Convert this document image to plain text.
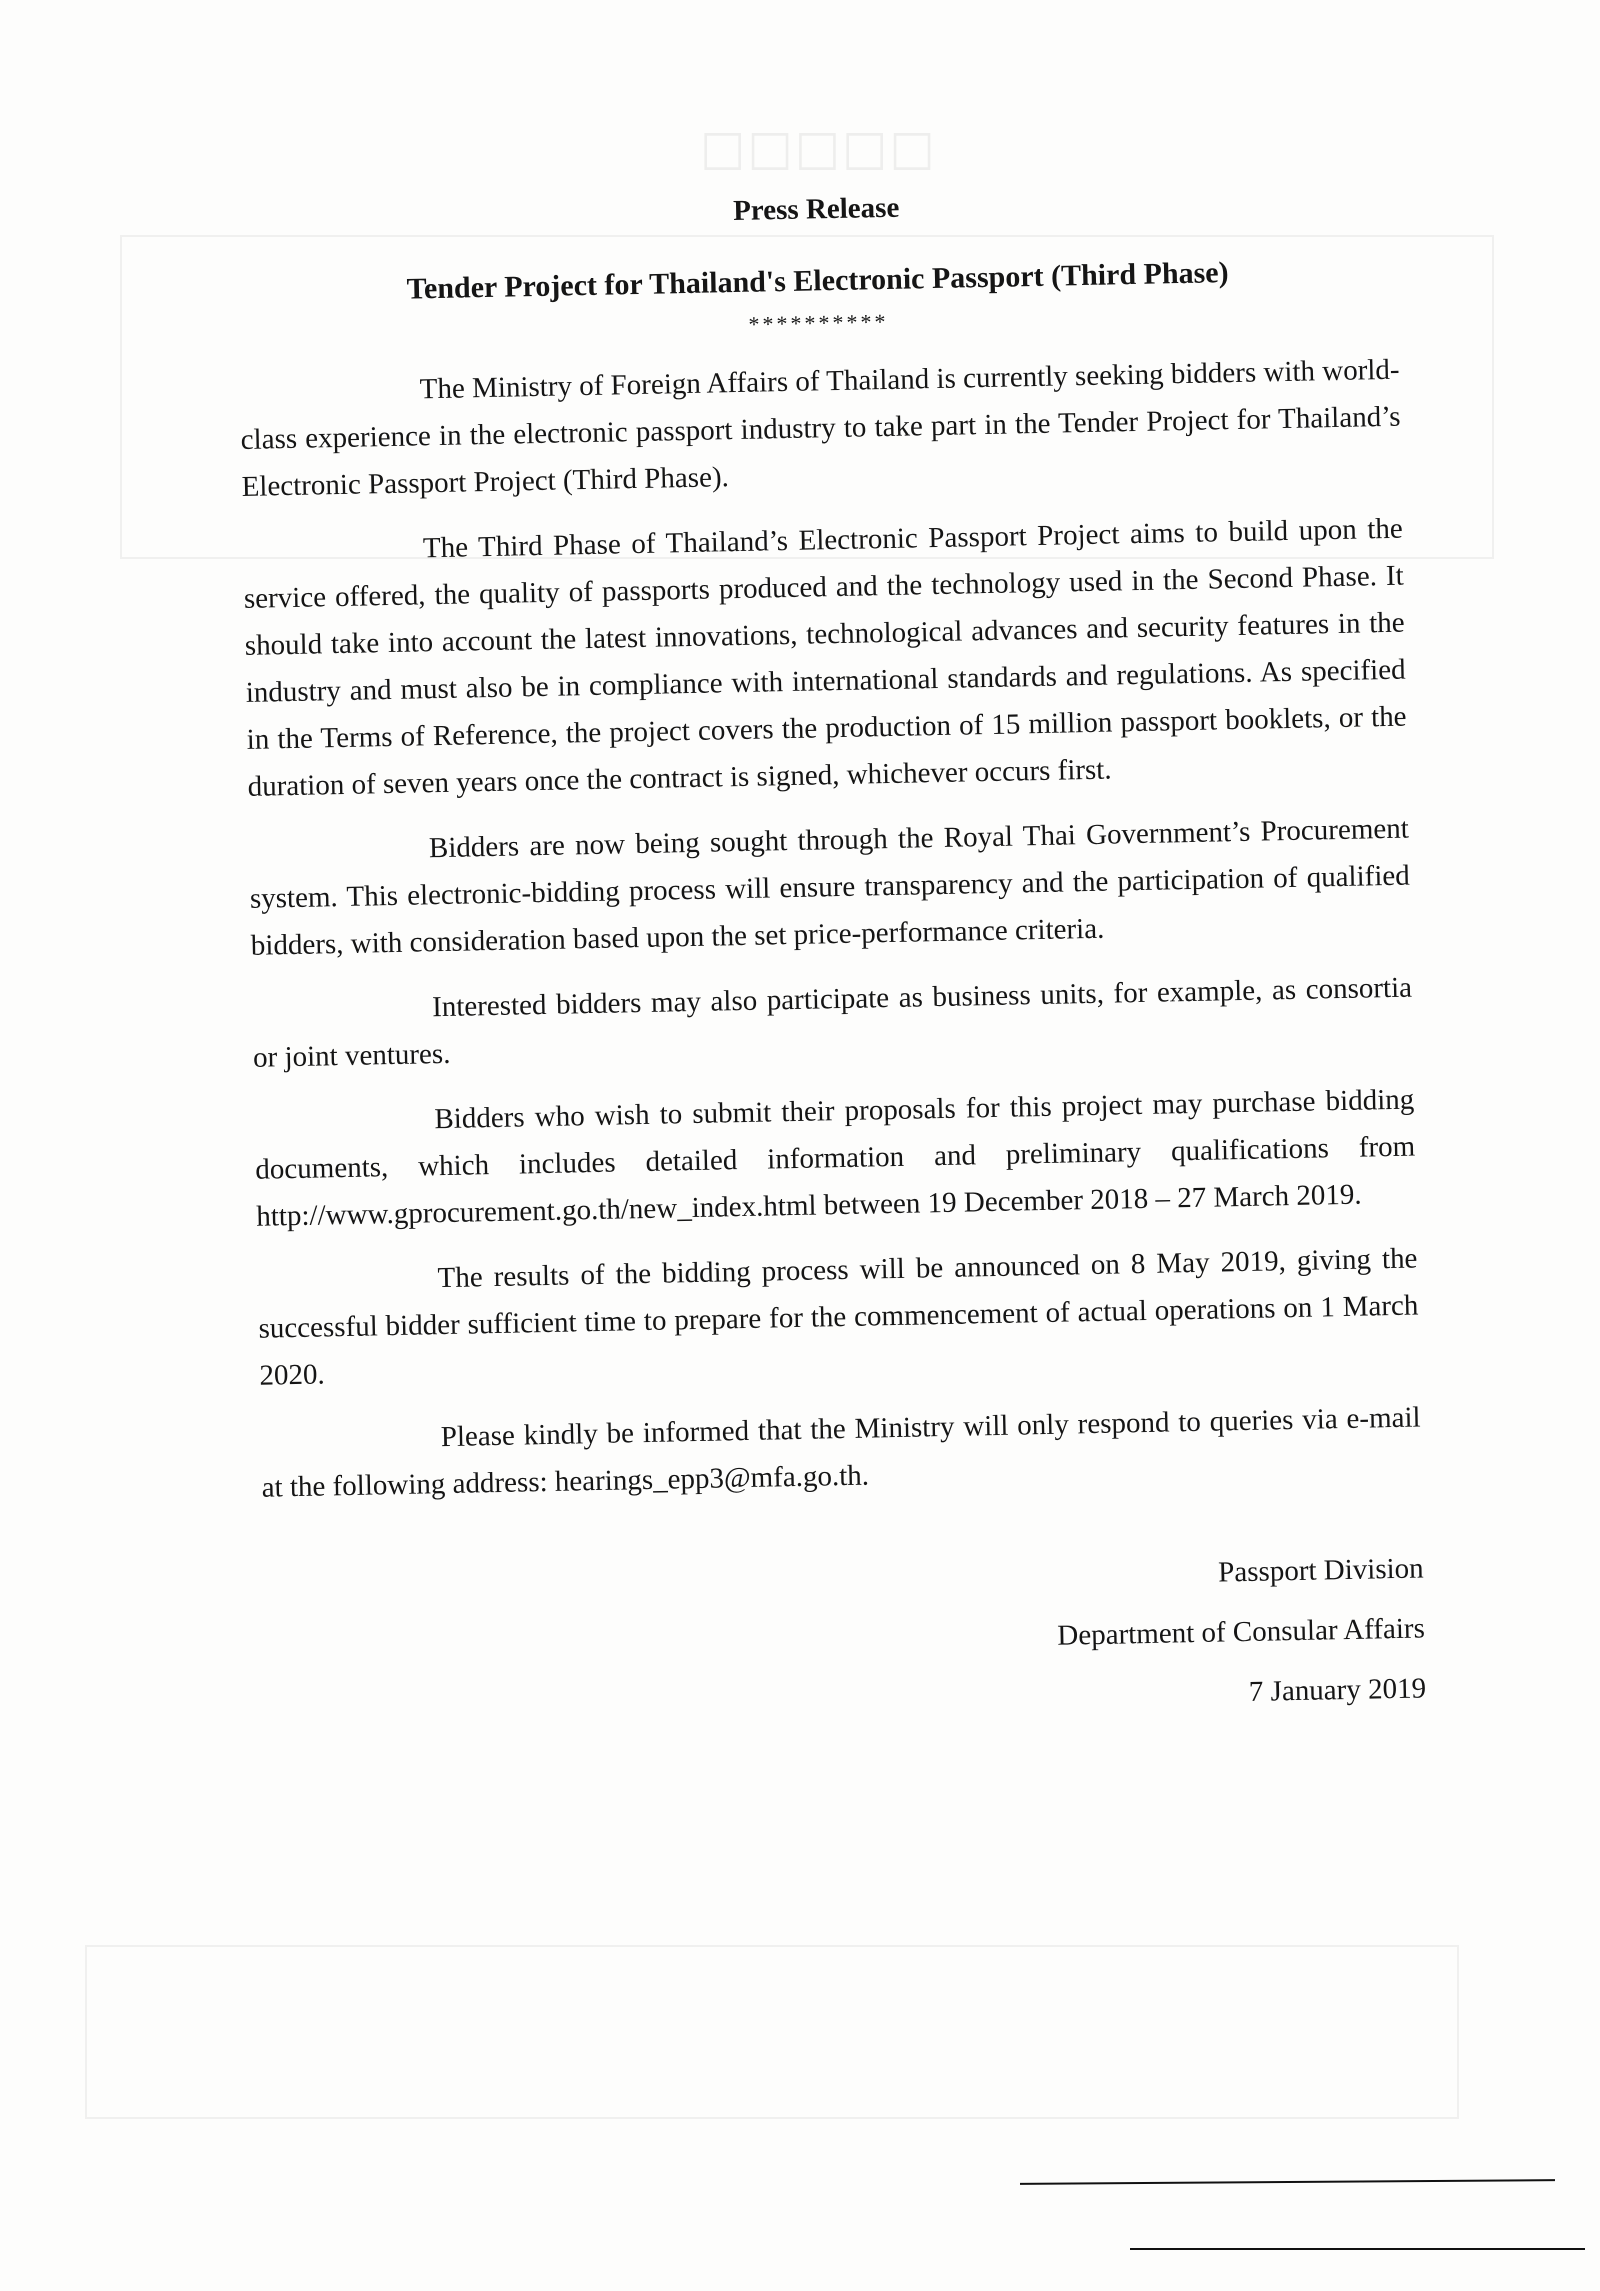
□□□□□

Press Release

Tender Project for Thailand's Electronic Passport (Third Phase)

**********

The Ministry of Foreign Affairs of Thailand is currently seeking bidders with world-class experience in the electronic passport industry to take part in the Tender Project for Thailand’s Electronic Passport Project (Third Phase).

The Third Phase of Thailand’s Electronic Passport Project aims to build upon the service offered, the quality of passports produced and the technology used in the Second Phase. It should take into account the latest innovations, technological advances and security features in the industry and must also be in compliance with international standards and regulations. As specified in the Terms of Reference, the project covers the production of 15 million passport booklets, or the duration of seven years once the contract is signed, whichever occurs first.

Bidders are now being sought through the Royal Thai Government’s Procurement system. This electronic-bidding process will ensure transparency and the participation of qualified bidders, with consideration based upon the set price-performance criteria.

Interested bidders may also participate as business units, for example, as consortia or joint ventures.

Bidders who wish to submit their proposals for this project may purchase bidding documents, which includes detailed information and preliminary qualifications from http://www.gprocurement.go.th/new_index.html between 19 December 2018 – 27 March 2019.

The results of the bidding process will be announced on 8 May 2019, giving the successful bidder sufficient time to prepare for the commencement of actual operations on 1 March 2020.

Please kindly be informed that the Ministry will only respond to queries via e-mail at the following address: hearings_epp3@mfa.go.th.

Passport Division
Department of Consular Affairs
7 January 2019
